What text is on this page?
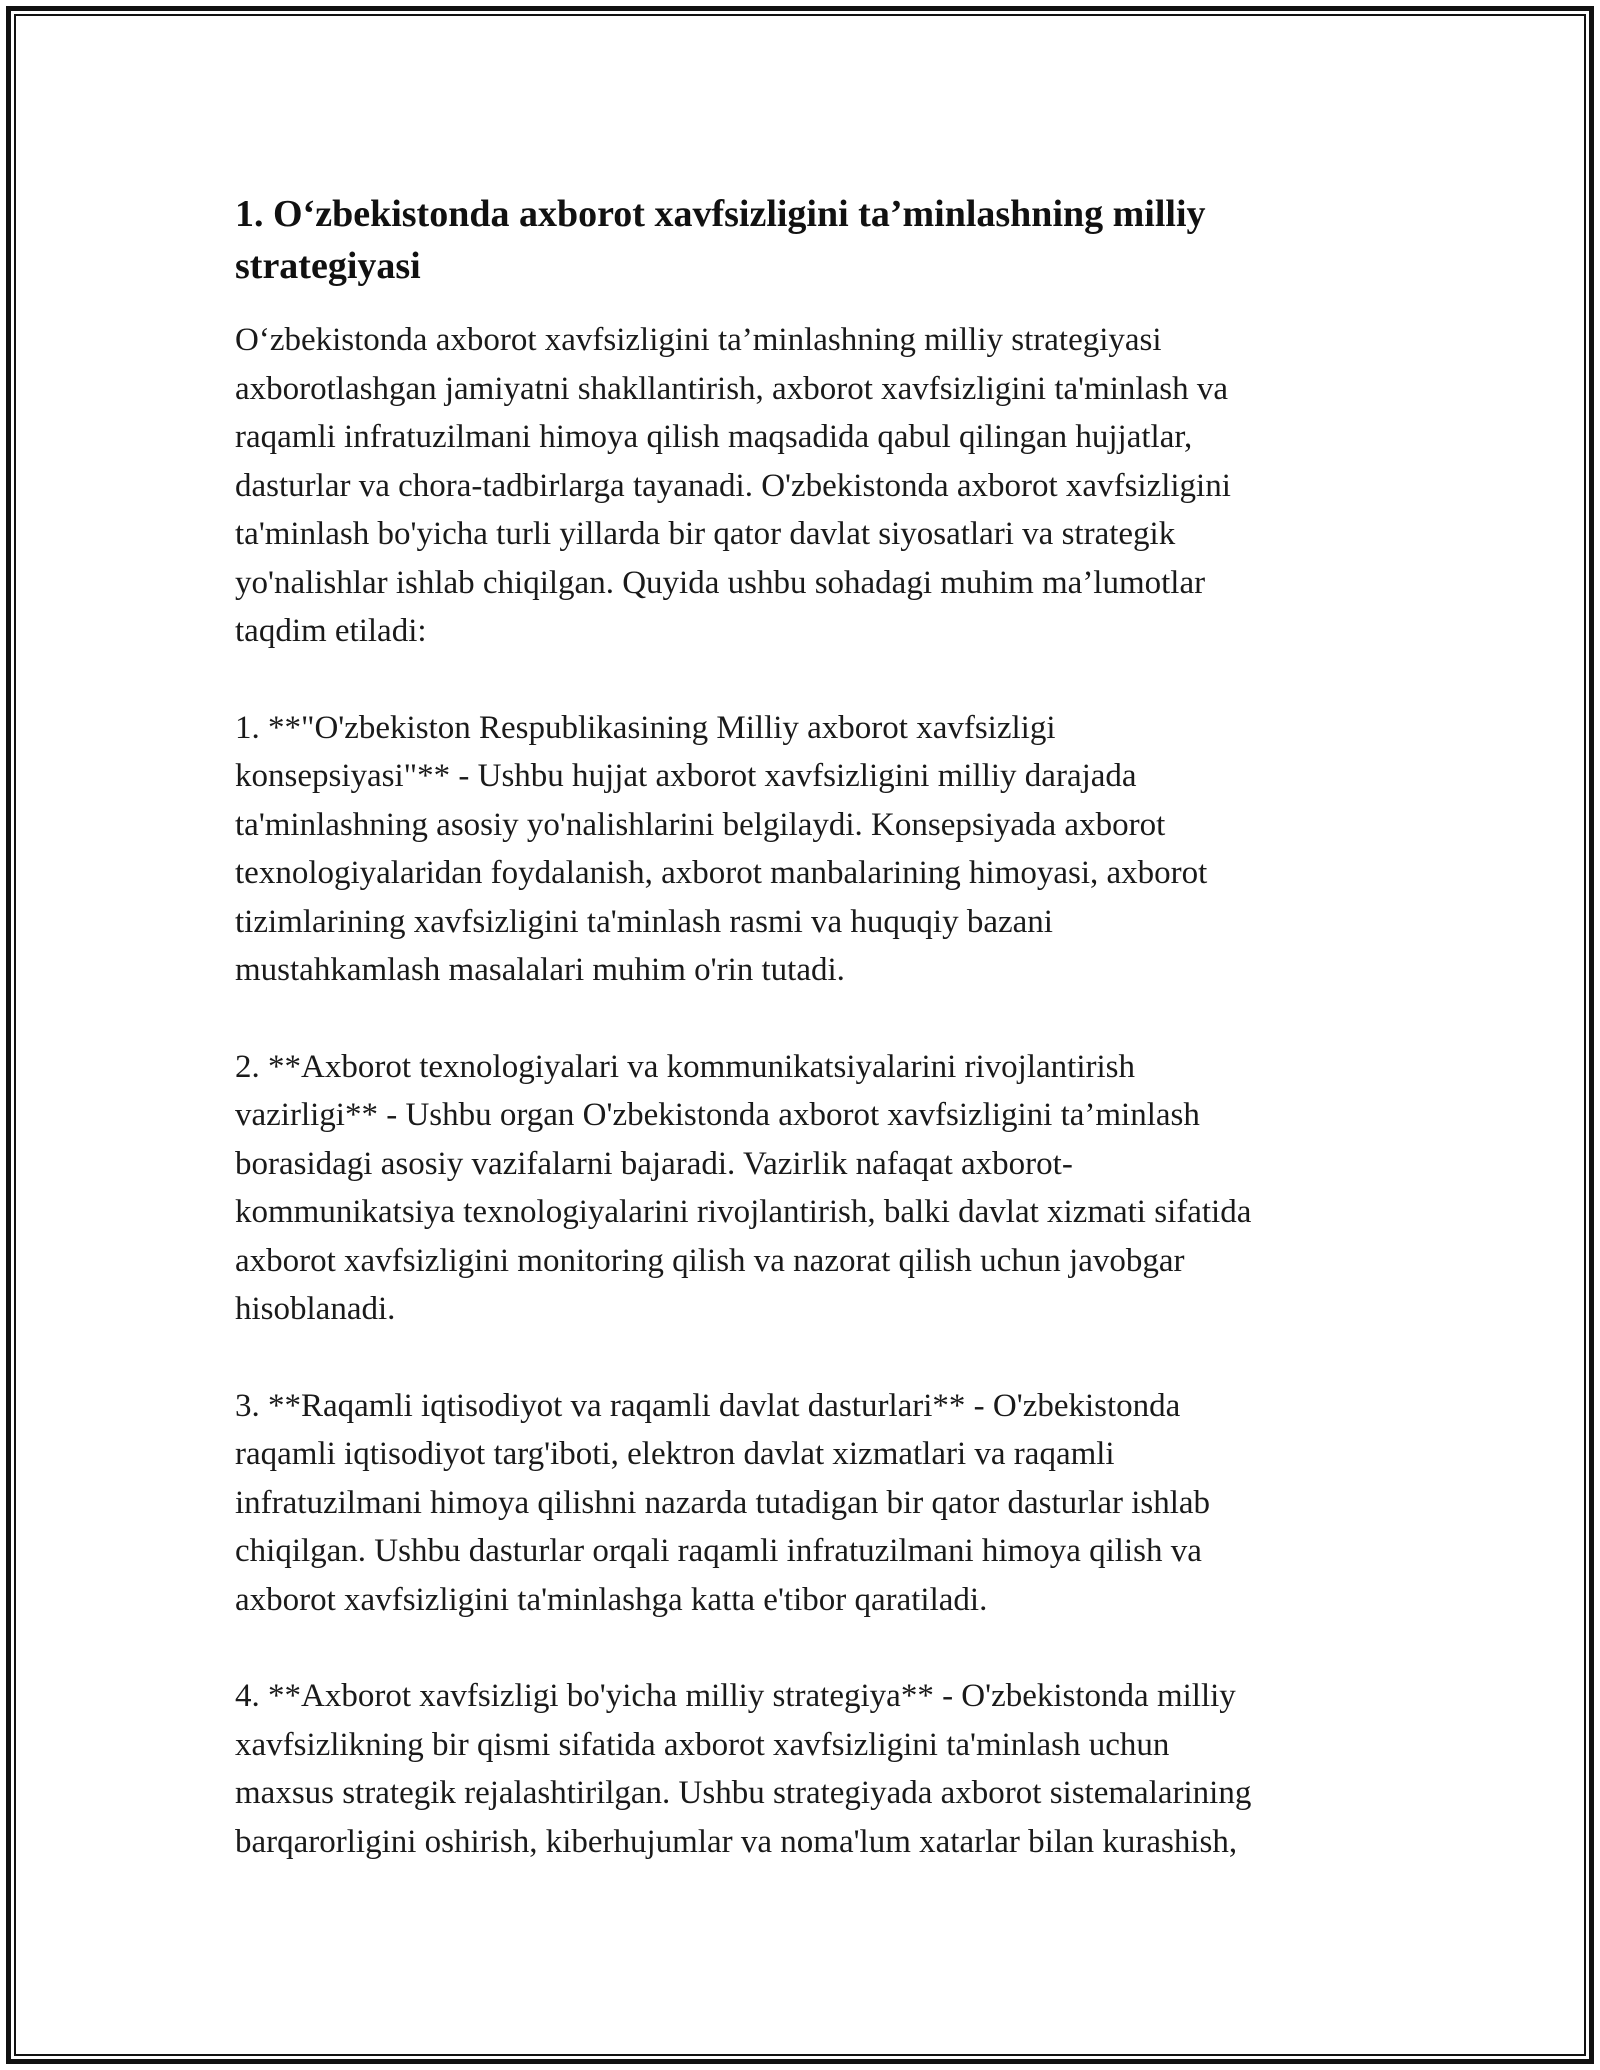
1. O‘zbekistonda axborot xavfsizligini ta’minlashning milliy strategiyasi

O‘zbekistonda axborot xavfsizligini ta’minlashning milliy strategiyasi
axborotlashgan jamiyatni shakllantirish, axborot xavfsizligini ta'minlash va
raqamli infratuzilmani himoya qilish maqsadida qabul qilingan hujjatlar,
dasturlar va chora-tadbirlarga tayanadi. O'zbekistonda axborot xavfsizligini
ta'minlash bo'yicha turli yillarda bir qator davlat siyosatlari va strategik
yo'nalishlar ishlab chiqilgan. Quyida ushbu sohadagi muhim ma’lumotlar
taqdim etiladi:

1. **"O'zbekiston Respublikasining Milliy axborot xavfsizligi
konsepsiyasi"** - Ushbu hujjat axborot xavfsizligini milliy darajada
ta'minlashning asosiy yo'nalishlarini belgilaydi. Konsepsiyada axborot
texnologiyalaridan foydalanish, axborot manbalarining himoyasi, axborot
tizimlarining xavfsizligini ta'minlash rasmi va huquqiy bazani
mustahkamlash masalalari muhim o'rin tutadi.

2. **Axborot texnologiyalari va kommunikatsiyalarini rivojlantirish
vazirligi** - Ushbu organ O'zbekistonda axborot xavfsizligini ta’minlash
borasidagi asosiy vazifalarni bajaradi. Vazirlik nafaqat axborot-
kommunikatsiya texnologiyalarini rivojlantirish, balki davlat xizmati sifatida
axborot xavfsizligini monitoring qilish va nazorat qilish uchun javobgar
hisoblanadi.

3. **Raqamli iqtisodiyot va raqamli davlat dasturlari** - O'zbekistonda
raqamli iqtisodiyot targ'iboti, elektron davlat xizmatlari va raqamli
infratuzilmani himoya qilishni nazarda tutadigan bir qator dasturlar ishlab
chiqilgan. Ushbu dasturlar orqali raqamli infratuzilmani himoya qilish va
axborot xavfsizligini ta'minlashga katta e'tibor qaratiladi.

4. **Axborot xavfsizligi bo'yicha milliy strategiya** - O'zbekistonda milliy
xavfsizlikning bir qismi sifatida axborot xavfsizligini ta'minlash uchun
maxsus strategik rejalashtirilgan. Ushbu strategiyada axborot sistemalarining
barqarorligini oshirish, kiberhujumlar va noma'lum xatarlar bilan kurashish,
